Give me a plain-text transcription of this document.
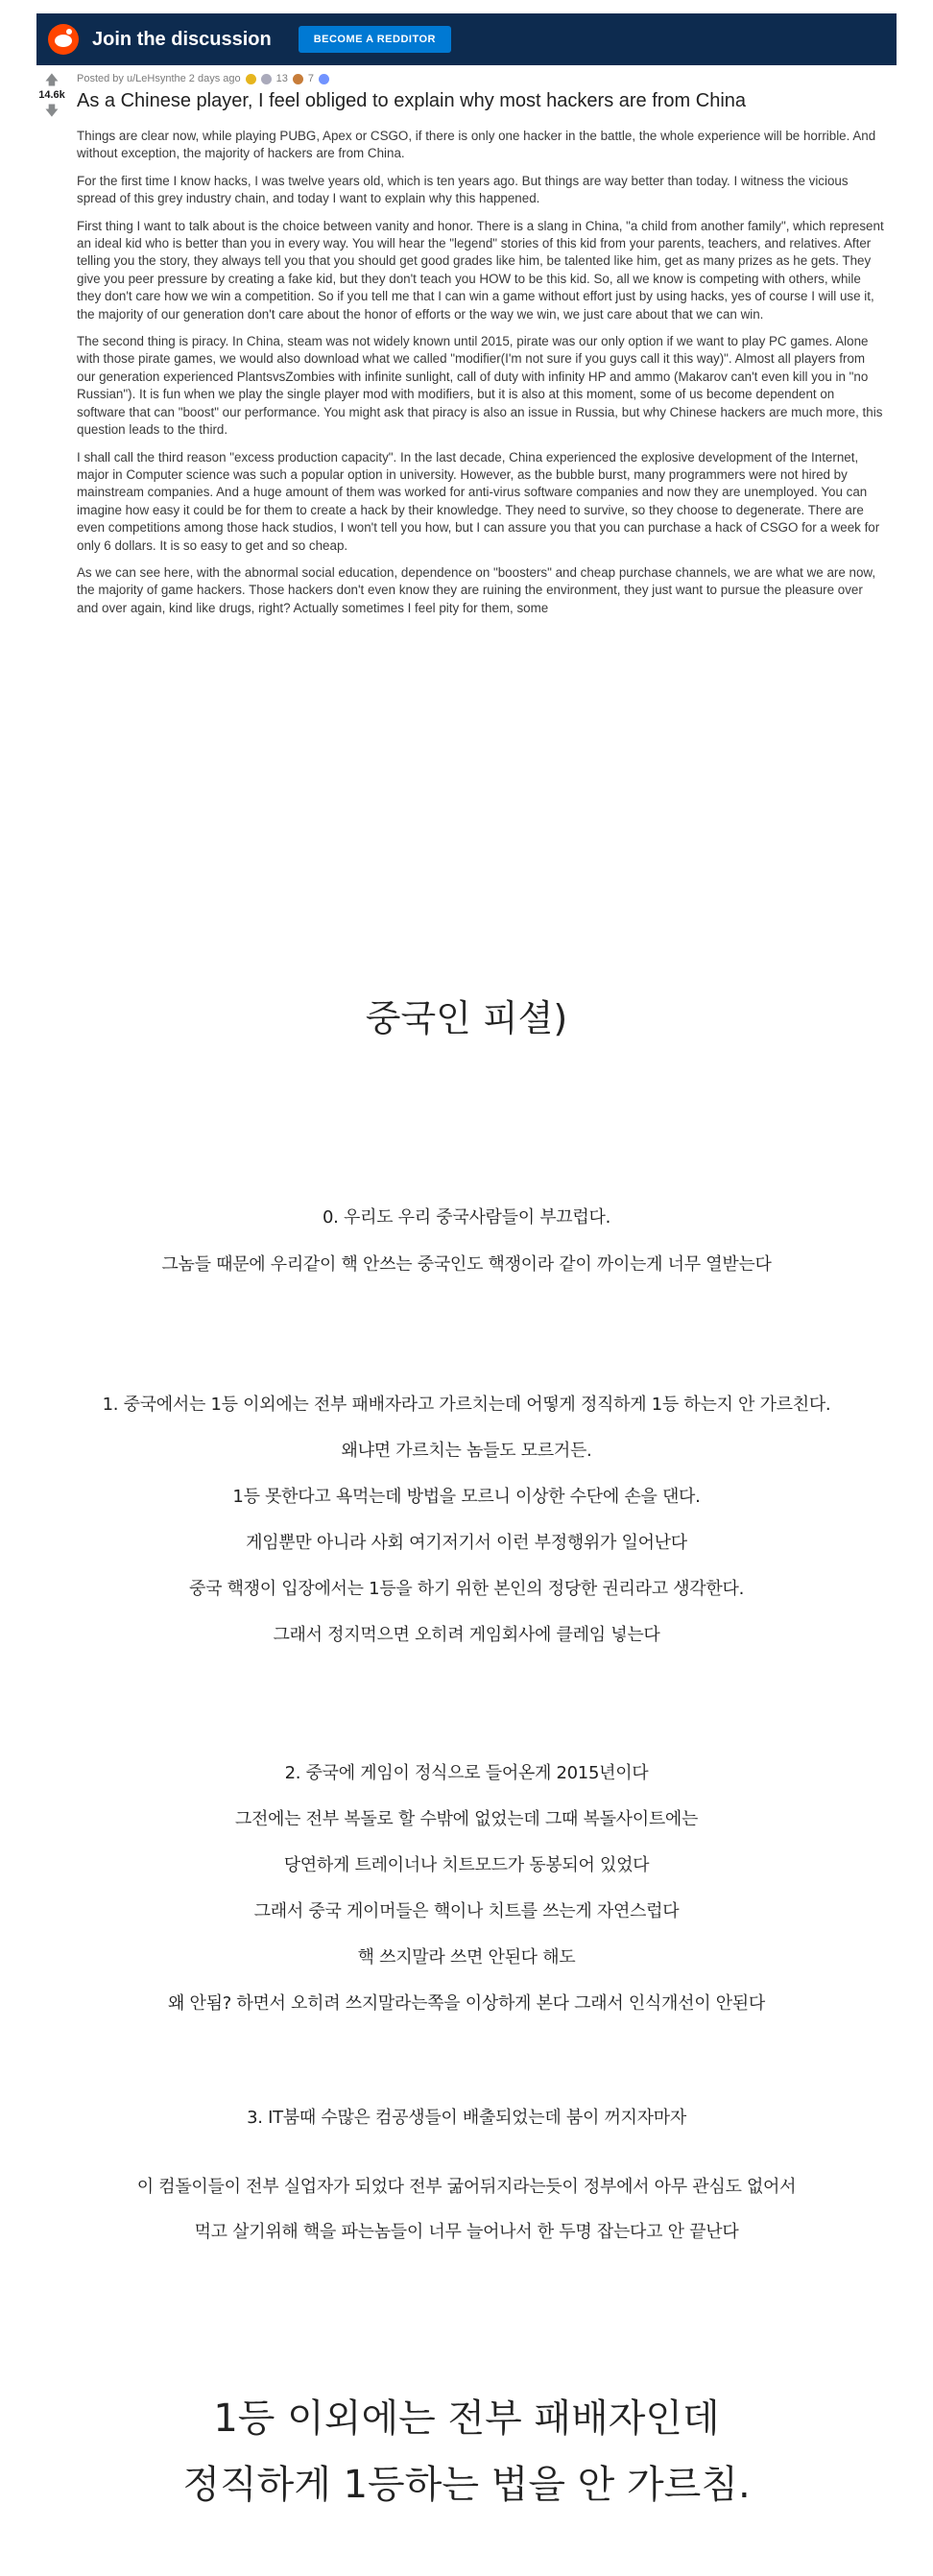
Join the discussion	BECOME A REDDITOR
🡅
14.6k
🡇
Posted by u/LeHsynthe 2 days ago	13 7
As a Chinese player, I feel obliged to explain why most hackers are from China

Things are clear now, while playing PUBG, Apex or CSGO, if there is only one hacker in the battle, the whole experience will be horrible. And without exception, the majority of hackers are from China.

For the first time I know hacks, I was twelve years old, which is ten years ago. But things are way better than today. I witness the vicious spread of this grey industry chain, and today I want to explain why this happened.

First thing I want to talk about is the choice between vanity and honor. There is a slang in China, "a child from another family", which represent an ideal kid who is better than you in every way. You will hear the "legend" stories of this kid from your parents, teachers, and relatives. After telling you the story, they always tell you that you should get good grades like him, be talented like him, get as many prizes as he gets. They give you peer pressure by creating a fake kid, but they don't teach you HOW to be this kid. So, all we know is competing with others, while they don't care how we win a competition. So if you tell me that I can win a game without effort just by using hacks, yes of course I will use it, the majority of our generation don't care about the honor of efforts or the way we win, we just care about that we can win.

The second thing is piracy. In China, steam was not widely known until 2015, pirate was our only option if we want to play PC games. Alone with those pirate games, we would also download what we called "modifier(I'm not sure if you guys call it this way)". Almost all players from our generation experienced PlantsvsZombies with infinite sunlight, call of duty with infinity HP and ammo (Makarov can't even kill you in "no Russian"). It is fun when we play the single player mod with modifiers, but it is also at this moment, some of us become dependent on software that can "boost" our performance. You might ask that piracy is also an issue in Russia, but why Chinese hackers are much more, this question leads to the third.

I shall call the third reason "excess production capacity". In the last decade, China experienced the explosive development of the Internet, major in Computer science was such a popular option in university. However, as the bubble burst, many programmers were not hired by mainstream companies. And a huge amount of them was worked for anti-virus software companies and now they are unemployed. You can imagine how easy it could be for them to create a hack by their knowledge. They need to survive, so they choose to degenerate. There are even competitions among those hack studios, I won't tell you how, but I can assure you that you can purchase a hack of CSGO for a week for only 6 dollars. It is so easy to get and so cheap.

As we can see here, with the abnormal social education, dependence on "boosters" and cheap purchase channels, we are what we are now, the majority of game hackers. Those hackers don't even know they are ruining the environment, they just want to pursue the pleasure over and over again, kind like drugs, right? Actually sometimes I feel pity for them, some

중국인 피셜)
0. 우리도 우리 중국사람들이 부끄럽다.
그놈들 때문에 우리같이 핵 안쓰는 중국인도 핵쟁이라 같이 까이는게 너무 열받는다
1. 중국에서는 1등 이외에는 전부 패배자라고 가르치는데 어떻게 정직하게 1등 하는지 안 가르친다.
왜냐면 가르치는 놈들도 모르거든.
1등 못한다고 욕먹는데 방법을 모르니 이상한 수단에 손을 댄다.
게임뿐만 아니라 사회 여기저기서 이런 부정행위가 일어난다
중국 핵쟁이 입장에서는 1등을 하기 위한 본인의 정당한 권리라고 생각한다.
그래서 정지먹으면 오히려 게임회사에 클레임 넣는다
2. 중국에 게임이 정식으로 들어온게 2015년이다
그전에는 전부 복돌로 할 수밖에 없었는데 그때 복돌사이트에는
당연하게 트레이너나 치트모드가 동봉되어 있었다
그래서 중국 게이머들은 핵이나 치트를 쓰는게 자연스럽다
핵 쓰지말라 쓰면 안된다 해도
왜 안됨? 하면서 오히려 쓰지말라는쪽을 이상하게 본다 그래서 인식개선이 안된다
3. IT붐때 수많은 컴공생들이 배출되었는데 붐이 꺼지자마자
이 컴돌이들이 전부 실업자가 되었다 전부 굶어뒤지라는듯이 정부에서 아무 관심도 없어서
먹고 살기위해 핵을 파는놈들이 너무 늘어나서 한 두명 잡는다고 안 끝난다
1등 이외에는 전부 패배자인데
정직하게 1등하는 법을 안 가르침.
